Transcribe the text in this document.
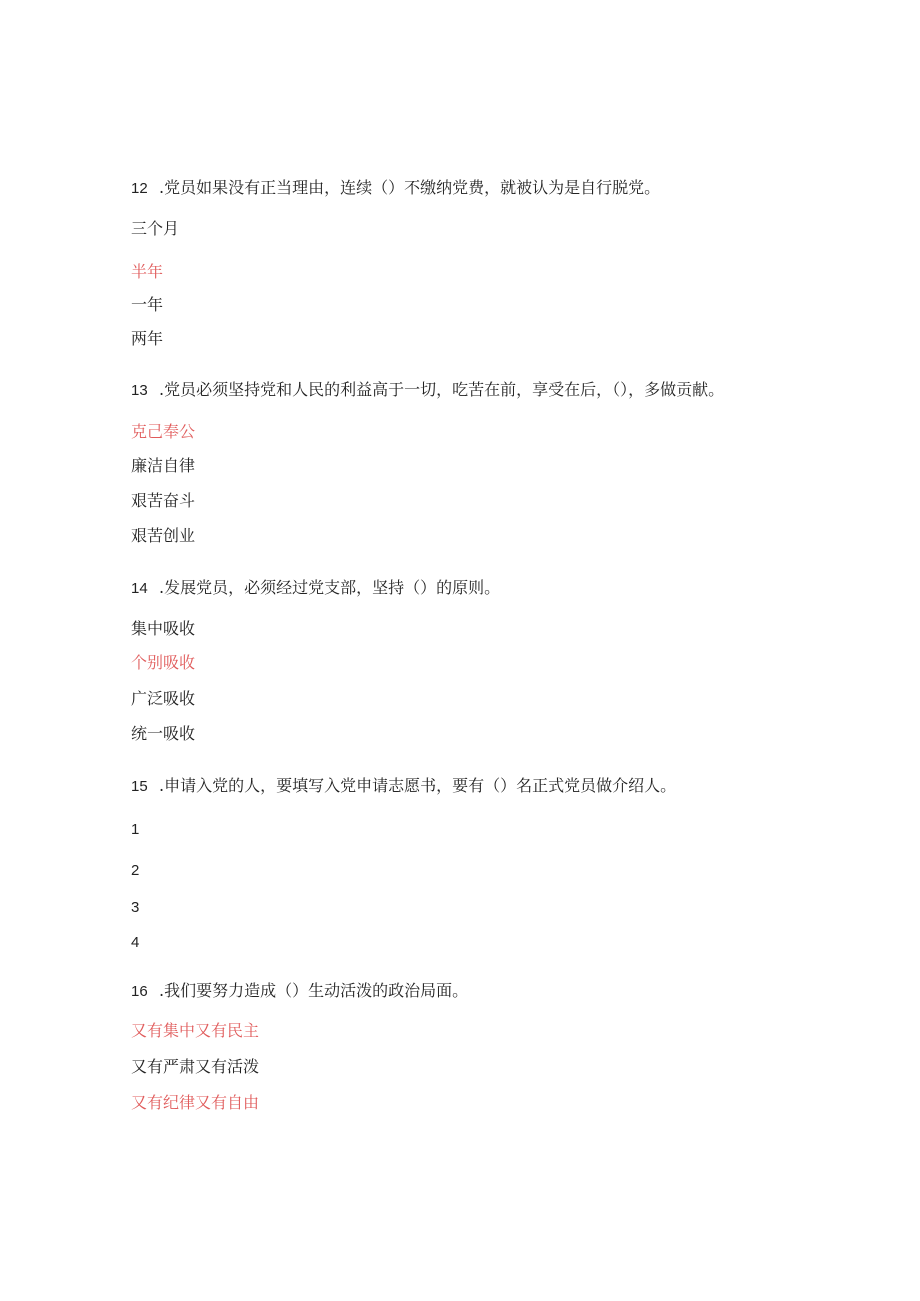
12 .党员如果没有正当理由，连续（）不缴纳党费，就被认为是自行脱党。
三个月
半年
一年
两年
13 .党员必须坚持党和人民的利益高于一切，吃苦在前，享受在后，（），多做贡献。
克己奉公
廉洁自律
艰苦奋斗
艰苦创业
14 .发展党员，必须经过党支部，坚持（）的原则。
集中吸收
个别吸收
广泛吸收
统一吸收
15 .申请入党的人，要填写入党申请志愿书，要有（）名正式党员做介绍人。
1
2
3
4
16 .我们要努力造成（）生动活泼的政治局面。
又有集中又有民主
又有严肃又有活泼
又有纪律又有自由
